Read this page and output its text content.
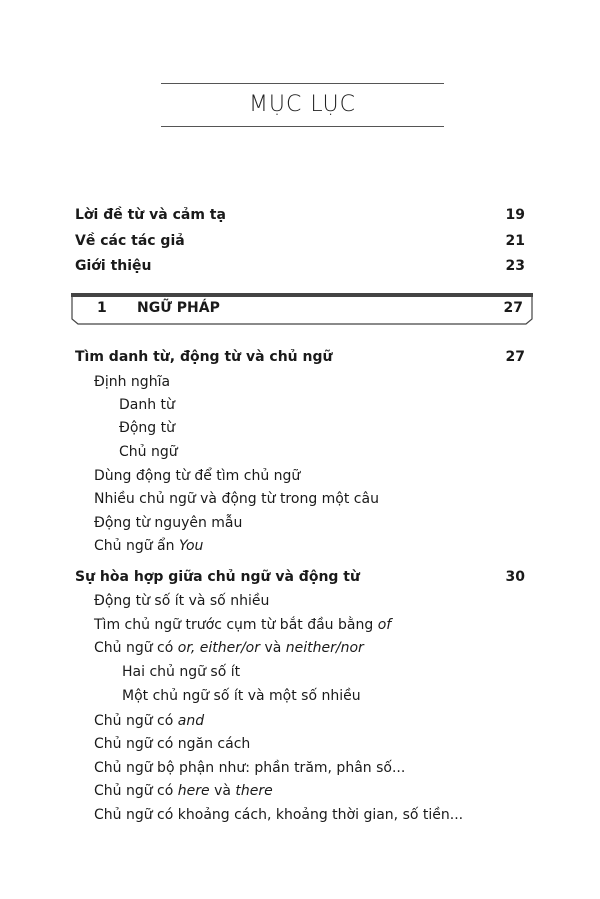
MỤC LỤC
Lời đề từ và cảm tạ	19
Về các tác giả	21
Giới thiệu	23
1 NGỮ PHÁP	27
Tìm danh từ, động từ và chủ ngữ	27
Định nghĩa
Danh từ
Động từ
Chủ ngữ
Dùng động từ để tìm chủ ngữ
Nhiều chủ ngữ và động từ trong một câu
Động từ nguyên mẫu
Chủ ngữ ẩn You
Sự hòa hợp giữa chủ ngữ và động từ	30
Động từ số ít và số nhiều
Tìm chủ ngữ trước cụm từ bắt đầu bằng of
Chủ ngữ có or, either/or và neither/nor
Hai chủ ngữ số ít
Một chủ ngữ số ít và một số nhiều
Chủ ngữ có and
Chủ ngữ có ngăn cách
Chủ ngữ bộ phận như: phần trăm, phân số...
Chủ ngữ có here và there
Chủ ngữ có khoảng cách, khoảng thời gian, số tiền...
